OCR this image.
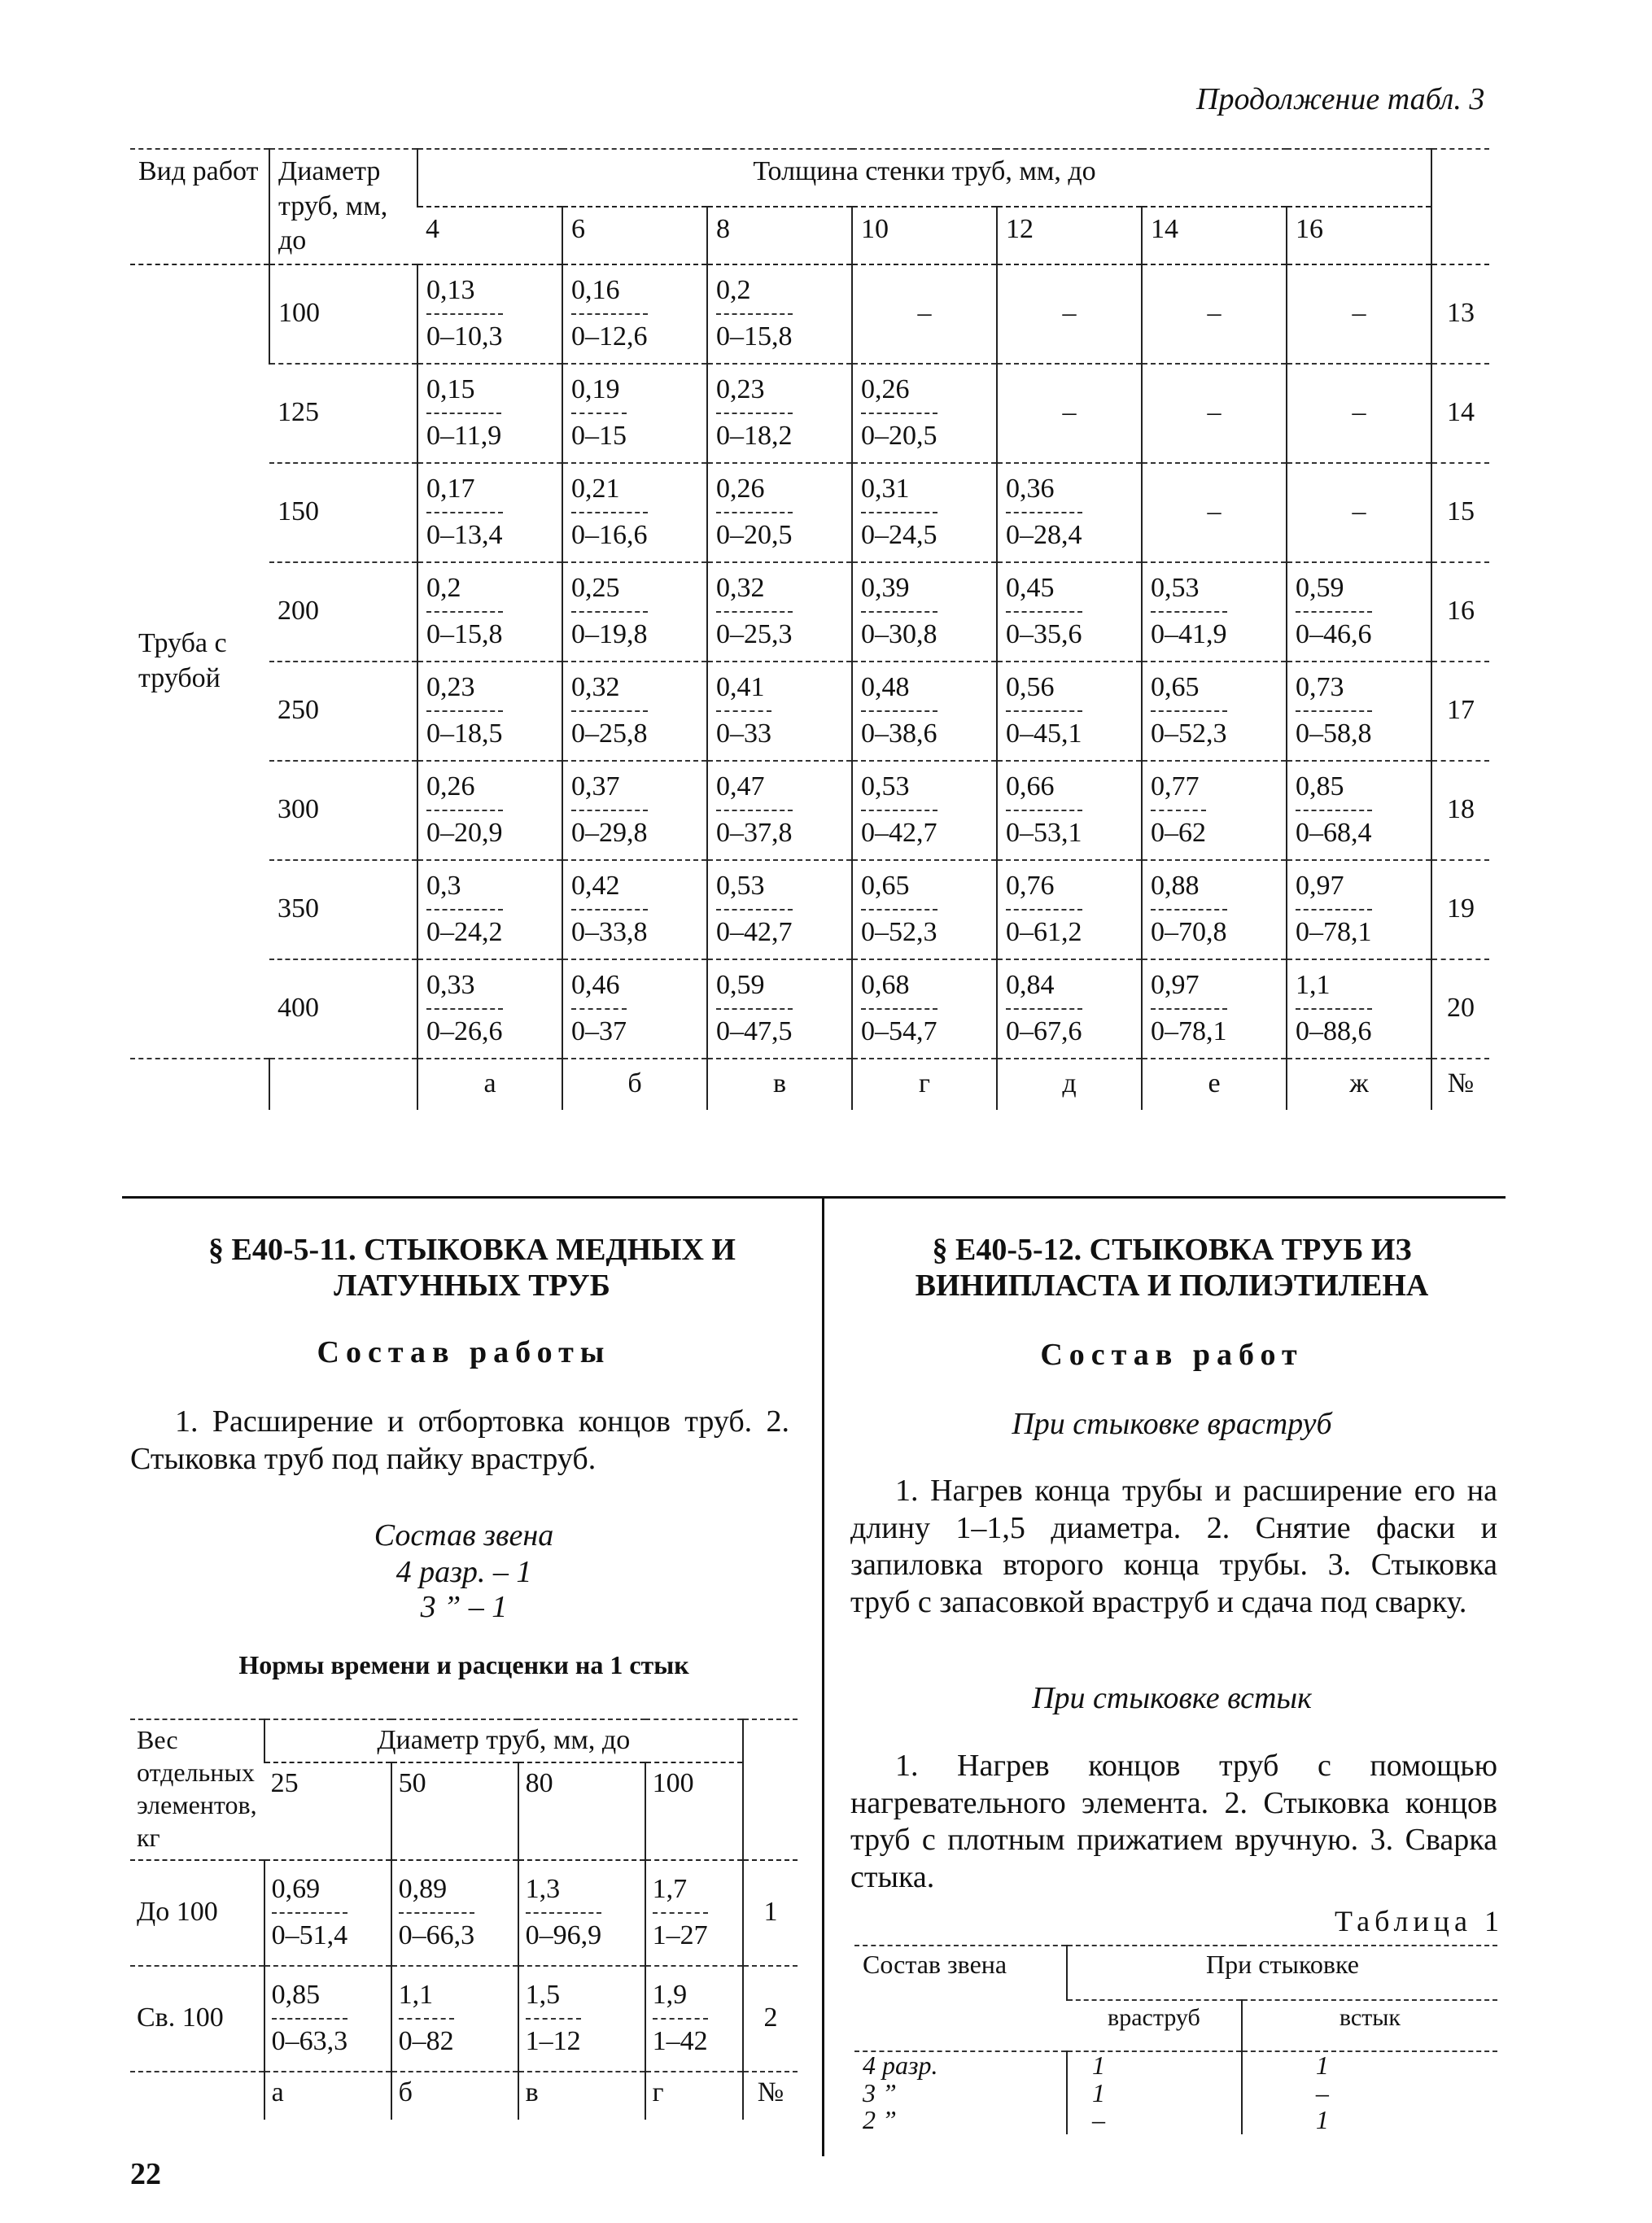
Продолжение табл. 3
Вид работ	Диаметр труб, мм, до	Толщина стенки труб, мм, до							
		4	6	8	10	12	14	16	
Труба с трубой	100	$\frac{0,13}{0-10,3}$	$\frac{0,16}{0-12,6}$	$\frac{0,2}{0-15,8}$	–	–	–	–	13
	125	$\frac{0,15}{0-11,9}$	$\frac{0,19}{0-15}$	$\frac{0,23}{0-18,2}$	$\frac{0,26}{0-20,5}$	–	–	–	14
	150	$\frac{0,17}{0-13,4}$	$\frac{0,21}{0-16,6}$	$\frac{0,26}{0-20,5}$	$\frac{0,31}{0-24,5}$	$\frac{0,36}{0-28,4}$	–	–	15
	200	$\frac{0,2}{0-15,8}$	$\frac{0,25}{0-19,8}$	$\frac{0,32}{0-25,3}$	$\frac{0,39}{0-30,8}$	$\frac{0,45}{0-35,6}$	$\frac{0,53}{0-41,9}$	$\frac{0,59}{0-46,6}$	16
	250	$\frac{0,23}{0-18,5}$	$\frac{0,32}{0-25,8}$	$\frac{0,41}{0-33}$	$\frac{0,48}{0-38,6}$	$\frac{0,56}{0-45,1}$	$\frac{0,65}{0-52,3}$	$\frac{0,73}{0-58,8}$	17
	300	$\frac{0,26}{0-20,9}$	$\frac{0,37}{0-29,8}$	$\frac{0,47}{0-37,8}$	$\frac{0,53}{0-42,7}$	$\frac{0,66}{0-53,1}$	$\frac{0,77}{0-62}$	$\frac{0,85}{0-68,4}$	18
	350	$\frac{0,3}{0-24,2}$	$\frac{0,42}{0-33,8}$	$\frac{0,53}{0-42,7}$	$\frac{0,65}{0-52,3}$	$\frac{0,76}{0-61,2}$	$\frac{0,88}{0-70,8}$	$\frac{0,97}{0-78,1}$	19
	400	$\frac{0,33}{0-26,6}$	$\frac{0,46}{0-37}$	$\frac{0,59}{0-47,5}$	$\frac{0,68}{0-54,7}$	$\frac{0,84}{0-67,6}$	$\frac{0,97}{0-78,1}$	$\frac{1,1}{0-88,6}$	20
		а	б	в	г	д	е	ж	№
§ Е40-5-11. СТЫКОВКА МЕДНЫХ И ЛАТУННЫХ ТРУБ
Состав работы
1. Расширение и отбортовка концов труб. 2. Стыковка труб под пайку враструб.
Состав звена
4 разр. – 1
3 ” – 1
Нормы времени и расценки на 1 стык
Вес отдельных элементов, кг	Диаметр труб, мм, до				
	25	50	80	100	
До 100	$\frac{0,69}{0-51,4}$	$\frac{0,89}{0-66,3}$	$\frac{1,3}{0-96,9}$	$\frac{1,7}{1-27}$	1
Св. 100	$\frac{0,85}{0-63,3}$	$\frac{1,1}{0-82}$	$\frac{1,5}{1-12}$	$\frac{1,9}{1-42}$	2
	а	б	в	г	№
§ Е40-5-12. СТЫКОВКА ТРУБ ИЗ ВИНИПЛАСТА И ПОЛИЭТИЛЕНА
Состав работ
При стыковке враструб
1. Нагрев конца трубы и расширение его на длину 1–1,5 диаметра. 2. Снятие фаски и запиловка второго конца трубы. 3. Стыковка труб с запасовкой враструб и сдача под сварку.
При стыковке встык
1. Нагрев концов труб с помощью нагревательного элемента. 2. Стыковка концов труб с плотным прижатием вручную. 3. Сварка стыка.
Таблица 1
Состав звена	При стыковке	
	враструб	встык
4 разр.	1	1
3 ”	1	–
2 ”	–	1
22
